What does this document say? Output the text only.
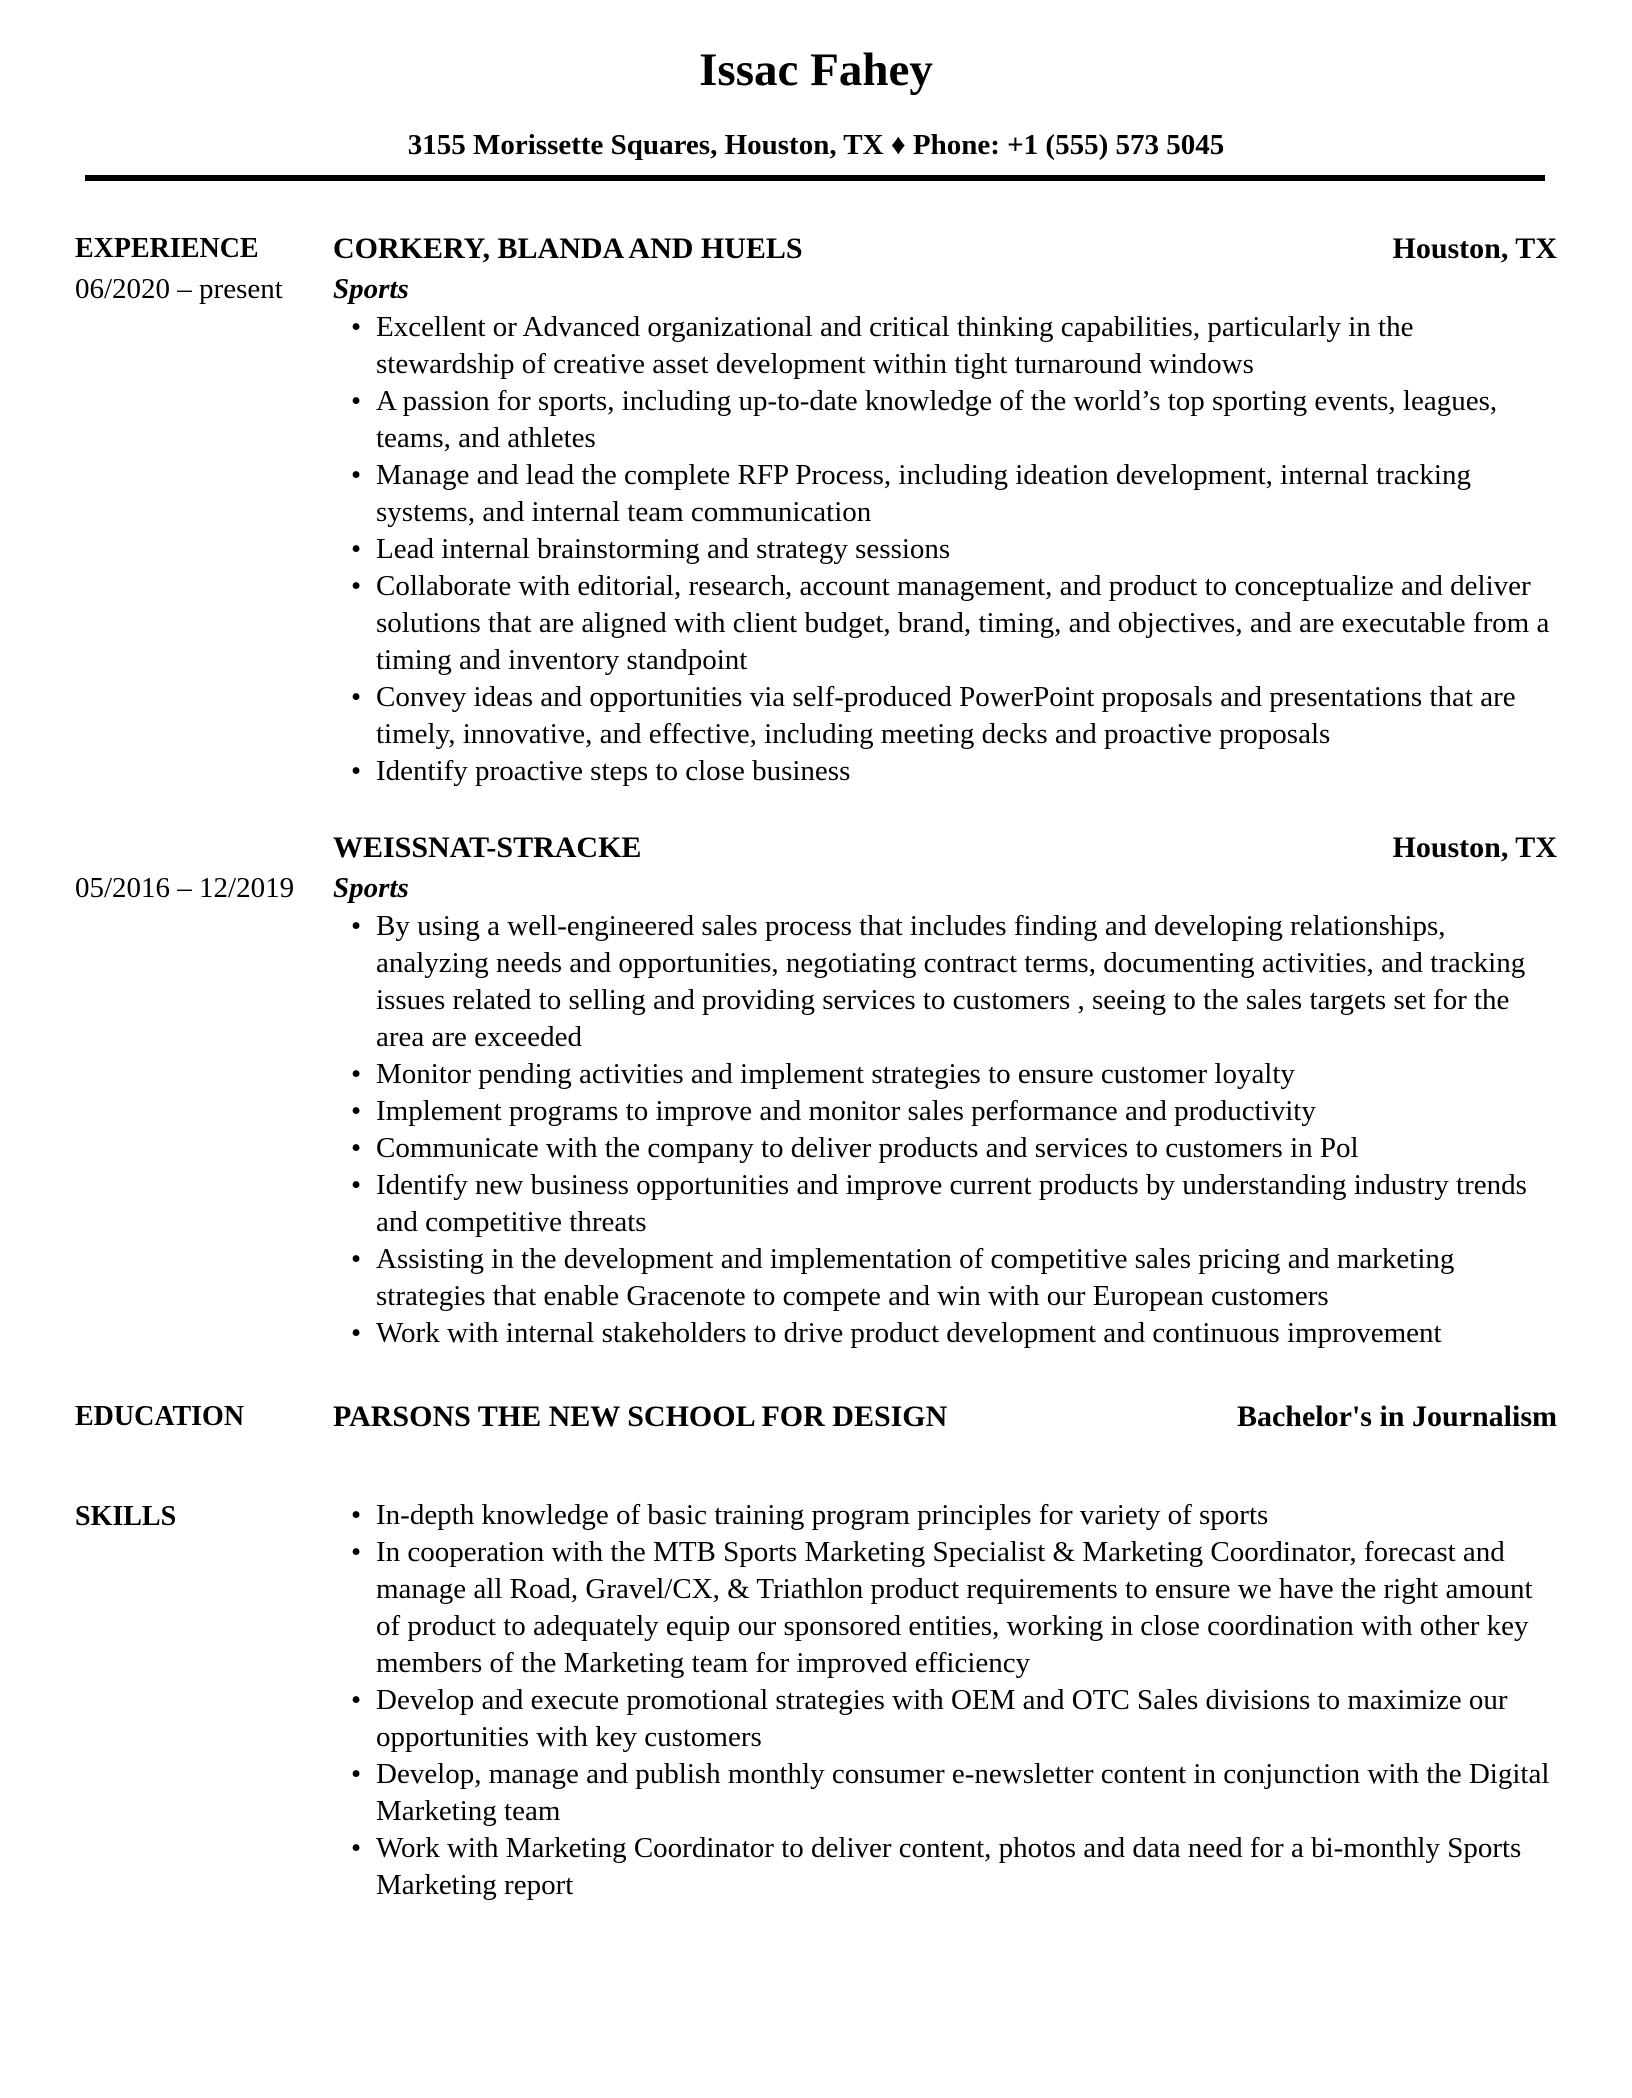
Issac Fahey
3155 Morissette Squares, Houston, TX ♦ Phone: +1 (555) 573 5045
EXPERIENCE
06/2020 – present
CORKERY, BLANDA AND HUELS	Houston, TX
Sports
• Excellent or Advanced organizational and critical thinking capabilities, particularly in the stewardship of creative asset development within tight turnaround windows
• A passion for sports, including up-to-date knowledge of the world’s top sporting events, leagues, teams, and athletes
• Manage and lead the complete RFP Process, including ideation development, internal tracking systems, and internal team communication
• Lead internal brainstorming and strategy sessions
• Collaborate with editorial, research, account management, and product to conceptualize and deliver solutions that are aligned with client budget, brand, timing, and objectives, and are executable from a timing and inventory standpoint
• Convey ideas and opportunities via self-produced PowerPoint proposals and presentations that are timely, innovative, and effective, including meeting decks and proactive proposals
• Identify proactive steps to close business
05/2016 – 12/2019
WEISSNAT-STRACKE	Houston, TX
Sports
• By using a well-engineered sales process that includes finding and developing relationships, analyzing needs and opportunities, negotiating contract terms, documenting activities, and tracking issues related to selling and providing services to customers , seeing to the sales targets set for the area are exceeded
• Monitor pending activities and implement strategies to ensure customer loyalty
• Implement programs to improve and monitor sales performance and productivity
• Communicate with the company to deliver products and services to customers in Pol
• Identify new business opportunities and improve current products by understanding industry trends and competitive threats
• Assisting in the development and implementation of competitive sales pricing and marketing strategies that enable Gracenote to compete and win with our European customers
• Work with internal stakeholders to drive product development and continuous improvement
EDUCATION	PARSONS THE NEW SCHOOL FOR DESIGN	Bachelor's in Journalism
SKILLS	• In-depth knowledge of basic training program principles for variety of sports
• In cooperation with the MTB Sports Marketing Specialist & Marketing Coordinator, forecast and manage all Road, Gravel/CX, & Triathlon product requirements to ensure we have the right amount of product to adequately equip our sponsored entities, working in close coordination with other key members of the Marketing team for improved efficiency
• Develop and execute promotional strategies with OEM and OTC Sales divisions to maximize our opportunities with key customers
• Develop, manage and publish monthly consumer e-newsletter content in conjunction with the Digital Marketing team
• Work with Marketing Coordinator to deliver content, photos and data need for a bi-monthly Sports Marketing report
